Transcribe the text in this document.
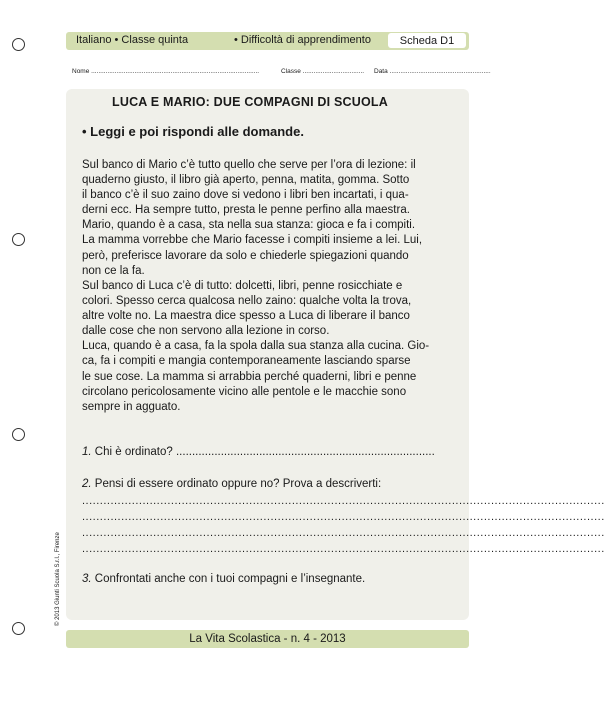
Italiano • Classe quinta	• Difficoltà di apprendimento	Scheda D1
Nome .............................................................................................	Classe ..................................	Data ........................................................
LUCA E MARIO: DUE COMPAGNI DI SCUOLA
• Leggi e poi rispondi alle domande.
Sul banco di Mario c’è tutto quello che serve per l’ora di lezione: il
quaderno giusto, il libro già aperto, penna, matita, gomma. Sotto
il banco c’è il suo zaino dove si vedono i libri ben incartati, i qua-
derni ecc. Ha sempre tutto, presta le penne perfino alla maestra.
Mario, quando è a casa, sta nella sua stanza: gioca e fa i compiti.
La mamma vorrebbe che Mario facesse i compiti insieme a lei. Lui,
però, preferisce lavorare da solo e chiederle spiegazioni quando
non ce la fa.
Sul banco di Luca c’è di tutto: dolcetti, libri, penne rosicchiate e
colori. Spesso cerca qualcosa nello zaino: qualche volta la trova,
altre volte no. La maestra dice spesso a Luca di liberare il banco
dalle cose che non servono alla lezione in corso.
Luca, quando è a casa, fa la spola dalla sua stanza alla cucina. Gio-
ca, fa i compiti e mangia contemporaneamente lasciando sparse
le sue cose. La mamma si arrabbia perché quaderni, libri e penne
circolano pericolosamente vicino alle pentole e le macchie sono
sempre in agguato.
1. Chi è ordinato? .................................................................................
2. Pensi di essere ordinato oppure no? Prova a descriverti:
...................................................................................................................................................
...................................................................................................................................................
...................................................................................................................................................
...................................................................................................................................................
3. Confrontati anche con i tuoi compagni e l’insegnante.
© 2013 Giunti Scuola S.r.l., Firenze
La Vita Scolastica - n. 4 - 2013
